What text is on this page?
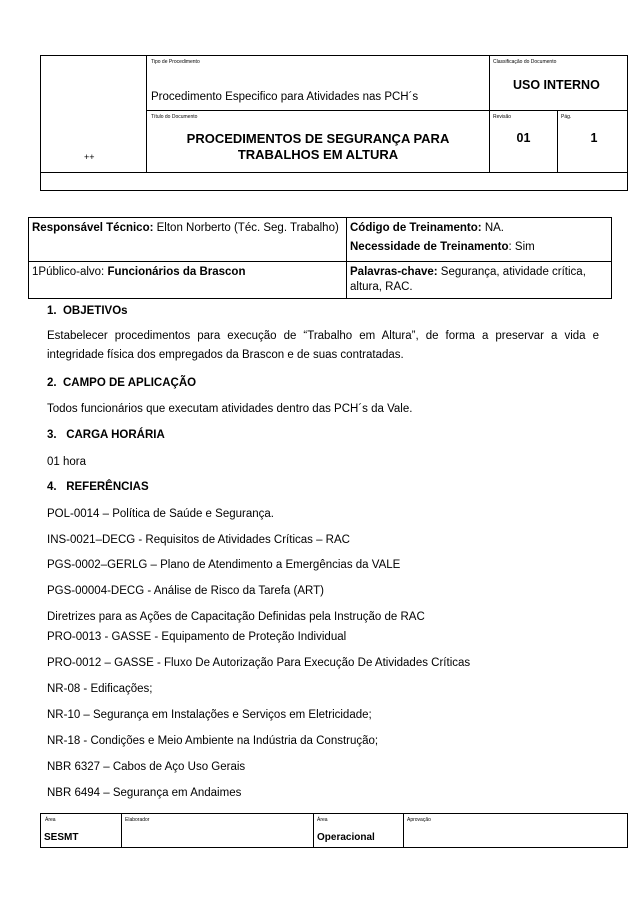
++
Tipo de Procedimento
Procedimento Especifico para Atividades nas PCH´s
Classificação do Documento
USO INTERNO
Título do Documento
PROCEDIMENTOS DE SEGURANÇA PARA TRABALHOS EM ALTURA
Revisão
01
Pág.
1
Responsável Técnico: Elton Norberto (Téc. Seg. Trabalho) Código de Treinamento: NA.
Necessidade de Treinamento: Sim
1Público-alvo: Funcionários da Brascon	Palavras-chave: Segurança, atividade crítica, altura, RAC.
1. OBJETIVOs
Estabelecer procedimentos para execução de “Trabalho em Altura”, de forma a preservar a vida e integridade física dos empregados da Brascon e de suas contratadas.
2. CAMPO DE APLICAÇÃO
Todos funcionários que executam atividades dentro das PCH´s da Vale.
3. CARGA HORÁRIA
01 hora
4. REFERÊNCIAS
POL-0014 – Política de Saúde e Segurança.
INS-0021–DECG - Requisitos de Atividades Críticas – RAC
PGS-0002–GERLG – Plano de Atendimento a Emergências da VALE
PGS-00004-DECG - Análise de Risco da Tarefa (ART)
Diretrizes para as Ações de Capacitação Definidas pela Instrução de RAC
PRO-0013 - GASSE - Equipamento de Proteção Individual
PRO-0012 – GASSE - Fluxo De Autorização Para Execução De Atividades Críticas
NR-08 - Edificações;
NR-10 – Segurança em Instalações e Serviços em Eletricidade;
NR-18 - Condições e Meio Ambiente na Indústria da Construção;
NBR 6327 – Cabos de Aço Uso Gerais
NBR 6494 – Segurança em Andaimes
Área
SESMT
Elaborador	Área
Operacional
Aprovação
